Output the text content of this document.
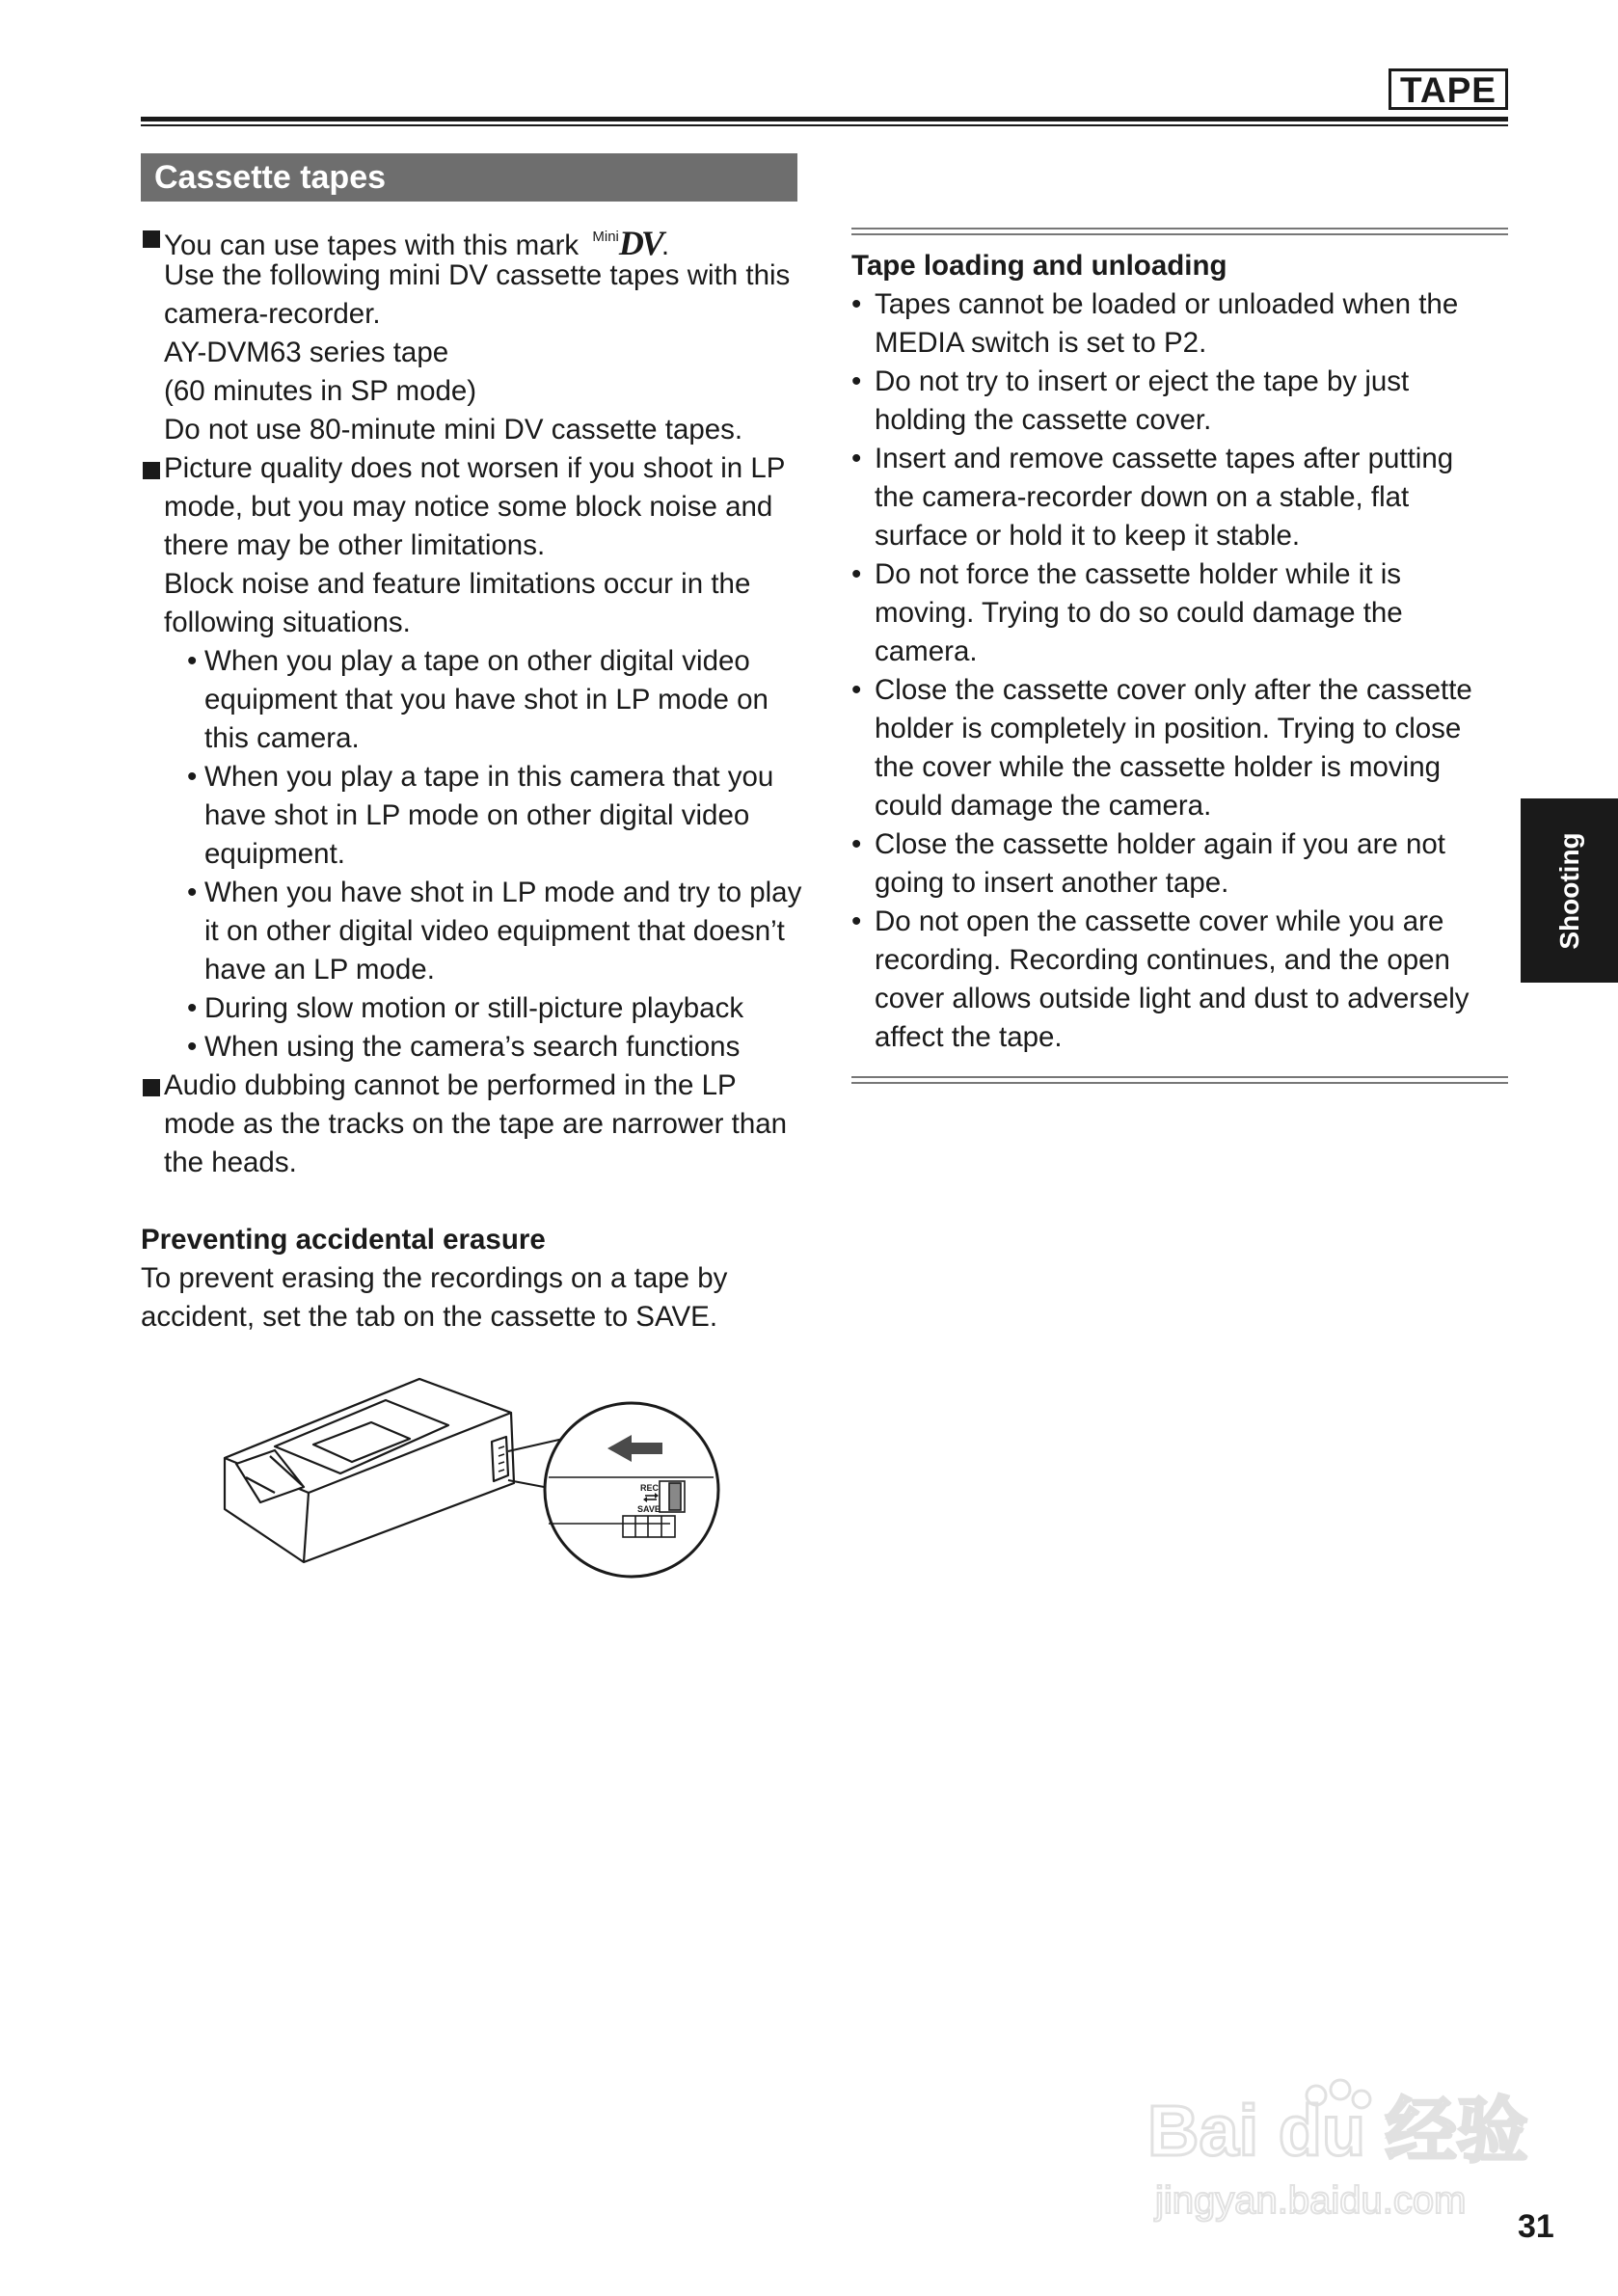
TAPE
Cassette tapes
You can use tapes with this mark $^{Mini}$DV.
Use the following mini DV cassette tapes with this
camera-recorder.
AY-DVM63 series tape
(60 minutes in SP mode)
Do not use 80-minute mini DV cassette tapes.
Picture quality does not worsen if you shoot in LP
mode, but you may notice some block noise and
there may be other limitations.
Block noise and feature limitations occur in the
following situations.
• When you play a tape on other digital video
equipment that you have shot in LP mode on
this camera.
• When you play a tape in this camera that you
have shot in LP mode on other digital video
equipment.
• When you have shot in LP mode and try to play
it on other digital video equipment that doesn’t
have an LP mode.
• During slow motion or still-picture playback
• When using the camera’s search functions
Audio dubbing cannot be performed in the LP
mode as the tracks on the tape are narrower than
the heads.
Preventing accidental erasure
To prevent erasing the recordings on a tape by
accident, set the tab on the cassette to SAVE.
REC
SAVE
Tape loading and unloading
• Tapes cannot be loaded or unloaded when the
MEDIA switch is set to P2.
• Do not try to insert or eject the tape by just
holding the cassette cover.
• Insert and remove cassette tapes after putting
the camera-recorder down on a stable, flat
surface or hold it to keep it stable.
• Do not force the cassette holder while it is
moving. Trying to do so could damage the
camera.
• Close the cassette cover only after the cassette
holder is completely in position. Trying to close
the cover while the cassette holder is moving
could damage the camera.
• Close the cassette holder again if you are not
going to insert another tape.
• Do not open the cassette cover while you are
recording. Recording continues, and the open
cover allows outside light and dust to adversely
affect the tape.
Shooting
Bai du 经验
jingyan.baidu.com
31
